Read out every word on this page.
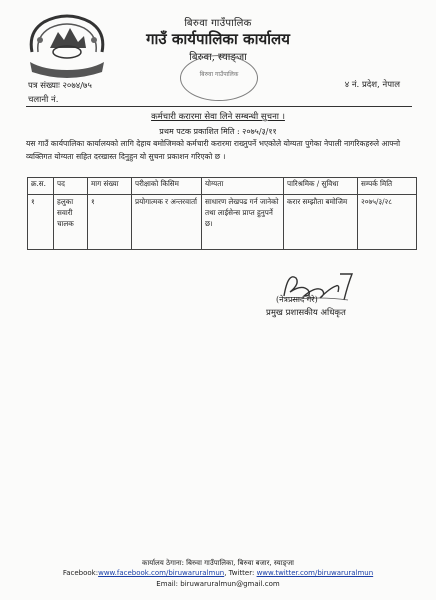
बिरुवा गाउँपालिक
गाउँ कार्यपालिका कार्यालय
बिरुवा, स्याङ्जा
बिरुवा गाउँपालिक
पत्र संख्याः २०७४/७५
चलानी नं.
४ नं. प्रदेश, नेपाल
कर्मचारी करारमा सेवा लिने सम्बन्धी सुचना ।
प्रथम पटक प्रकाशित मिति : २०७५/३/११
यस गाउँ कार्यपालिका कार्यालयको लागि देहाय बमोजिमको कर्मचारी करारमा राख्नुपर्ने भएकोले योग्यता पुगेका नेपाली नागरिकहरुले आफ्नो व्यक्तिगत योग्यता सहित दरखास्त दिनुहुन यो सुचना प्रकाशन गरिएको छ ।
क्र.स.	पद	माग संख्या	परीक्षाको किसिम	योग्यता	पारिश्रमिक / सुविधा	सम्पर्क मिति
१	हलुका सवारी चालक	१	प्रयोगात्मक र अन्तरवार्ता	साधारण लेखपढ गर्न जानेको तथा लाईसेन्स प्राप्त हुनुपर्ने छ।	करार सम्झौता बमोजिम	२०७५/३/२८
(नेत्रप्रसाद गैरे)
प्रमुख प्रशासकीय अधिकृत
कार्यालय ठेगाना: बिरुवा गाउँपालिका, बिरुवा बजार, स्याङ्जा
Facebook:www.facebook.com/biruwaruralmun, Twitter: www.twitter.com/biruwaruralmun
Email: biruwaruralmun@gmail.com
